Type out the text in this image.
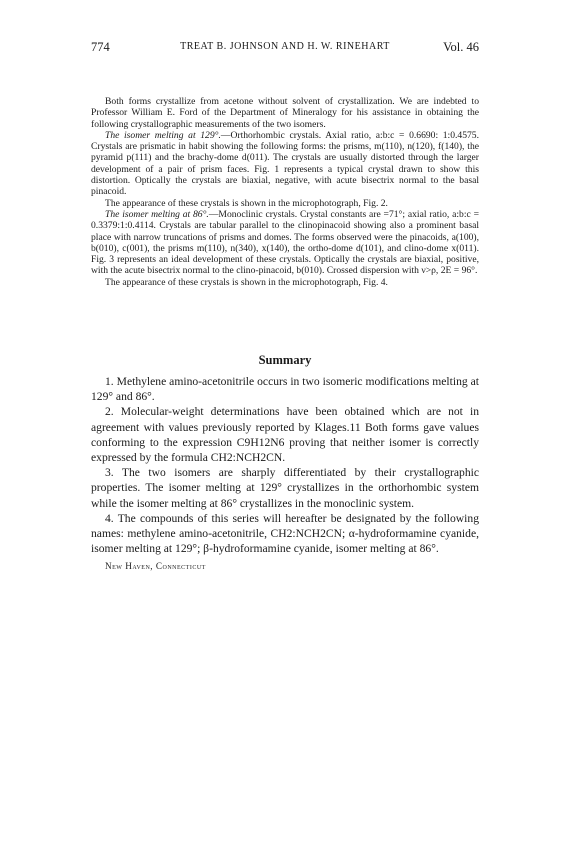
774	TREAT B. JOHNSON AND H. W. RINEHART	Vol. 46

Both forms crystallize from acetone without solvent of crystallization. We are indebted to Professor William E. Ford of the Department of Mineralogy for his assistance in obtaining the following crystallographic measurements of the two isomers.

The isomer melting at 129°.—Orthorhombic crystals. Axial ratio, a:b:c = 0.6690: 1:0.4575. Crystals are prismatic in habit showing the following forms: the prisms, m(110), n(120), f(140), the pyramid p(111) and the brachy-dome d(011). The crystals are usually distorted through the larger development of a pair of prism faces. Fig. 1 represents a typical crystal drawn to show this distortion. Optically the crystals are biaxial, negative, with acute bisectrix normal to the basal pinacoid.

The appearance of these crystals is shown in the microphotograph, Fig. 2.

The isomer melting at 86°.—Monoclinic crystals. Crystal constants are =71°; axial ratio, a:b:c = 0.3379:1:0.4114. Crystals are tabular parallel to the clinopinacoid showing also a prominent basal place with narrow truncations of prisms and domes. The forms observed were the pinacoids, a(100), b(010), c(001), the prisms m(110), n(340), x(140), the ortho-dome d(101), and clino-dome x(011). Fig. 3 represents an ideal development of these crystals. Optically the crystals are biaxial, positive, with the acute bisectrix normal to the clino-pinacoid, b(010). Crossed dispersion with ν>ρ, 2E = 96°.

The appearance of these crystals is shown in the microphotograph, Fig. 4.

Summary

1. Methylene amino-acetonitrile occurs in two isomeric modifications melting at 129° and 86°.

2. Molecular-weight determinations have been obtained which are not in agreement with values previously reported by Klages.11 Both forms gave values conforming to the expression C9H12N6 proving that neither isomer is correctly expressed by the formula CH2:NCH2CN.

3. The two isomers are sharply differentiated by their crystallographic properties. The isomer melting at 129° crystallizes in the orthorhombic system while the isomer melting at 86° crystallizes in the monoclinic system.

4. The compounds of this series will hereafter be designated by the following names: methylene amino-acetonitrile, CH2:NCH2CN; α-hydroformamine cyanide, isomer melting at 129°; β-hydroformamine cyanide, isomer melting at 86°.

New Haven, Connecticut
